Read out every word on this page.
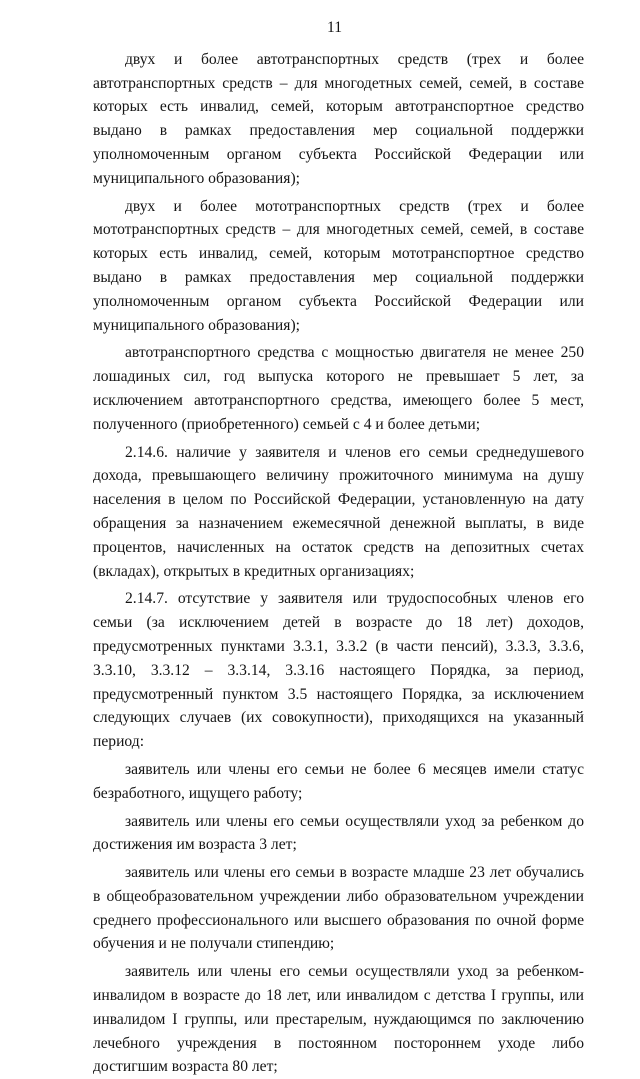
11

двух и более автотранспортных средств (трех и более автотранспортных средств – для многодетных семей, семей, в составе которых есть инвалид, семей, которым автотранспортное средство выдано в рамках предоставления мер социальной поддержки уполномоченным органом субъекта Российской Федерации или муниципального образования);

двух и более мототранспортных средств (трех и более мототранспортных средств – для многодетных семей, семей, в составе которых есть инвалид, семей, которым мототранспортное средство выдано в рамках предоставления мер социальной поддержки уполномоченным органом субъекта Российской Федерации или муниципального образования);

автотранспортного средства с мощностью двигателя не менее 250 лошадиных сил, год выпуска которого не превышает 5 лет, за исключением автотранспортного средства, имеющего более 5 мест, полученного (приобретенного) семьей с 4 и более детьми;

2.14.6. наличие у заявителя и членов его семьи среднедушевого дохода, превышающего величину прожиточного минимума на душу населения в целом по Российской Федерации, установленную на дату обращения за назначением ежемесячной денежной выплаты, в виде процентов, начисленных на остаток средств на депозитных счетах (вкладах), открытых в кредитных организациях;

2.14.7. отсутствие у заявителя или трудоспособных членов его семьи (за исключением детей в возрасте до 18 лет) доходов, предусмотренных пунктами 3.3.1, 3.3.2 (в части пенсий), 3.3.3, 3.3.6, 3.3.10, 3.3.12 – 3.3.14, 3.3.16 настоящего Порядка, за период, предусмотренный пунктом 3.5 настоящего Порядка, за исключением следующих случаев (их совокупности), приходящихся на указанный период:

заявитель или члены его семьи не более 6 месяцев имели статус безработного, ищущего работу;

заявитель или члены его семьи осуществляли уход за ребенком до достижения им возраста 3 лет;

заявитель или члены его семьи в возрасте младше 23 лет обучались в общеобразовательном учреждении либо образовательном учреждении среднего профессионального или высшего образования по очной форме обучения и не получали стипендию;

заявитель или члены его семьи осуществляли уход за ребенком-инвалидом в возрасте до 18 лет, или инвалидом с детства I группы, или инвалидом I группы, или престарелым, нуждающимся по заключению лечебного учреждения в постоянном постороннем уходе либо достигшим возраста 80 лет;
